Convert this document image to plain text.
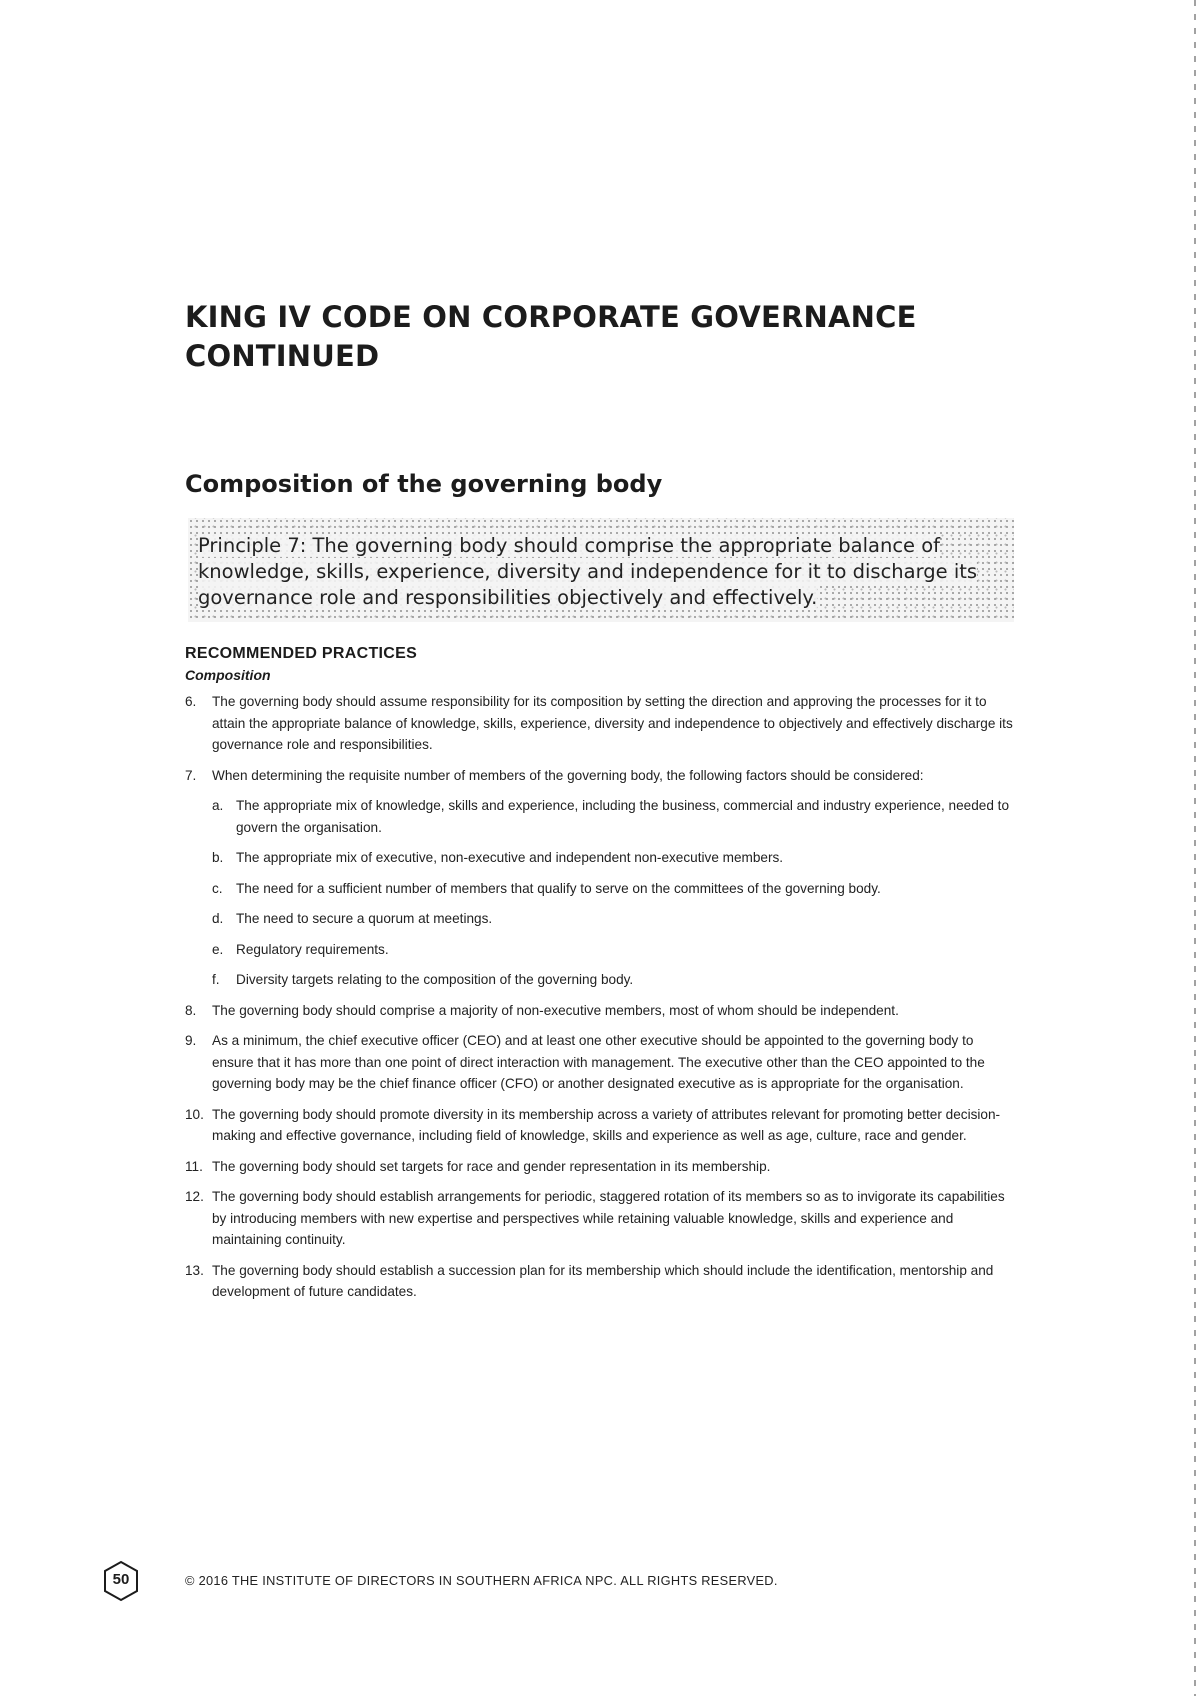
KING IV CODE ON CORPORATE GOVERNANCE
CONTINUED
Composition of the governing body
Principle 7: The governing body should comprise the appropriate balance of knowledge, skills, experience, diversity and independence for it to discharge its governance role and responsibilities objectively and effectively.
RECOMMENDED PRACTICES
Composition
6.	The governing body should assume responsibility for its composition by setting the direction and approving the processes for it to attain the appropriate balance of knowledge, skills, experience, diversity and independence to objectively and effectively discharge its governance role and responsibilities.
7.	When determining the requisite number of members of the governing body, the following factors should be considered:
a. The appropriate mix of knowledge, skills and experience, including the business, commercial and industry experience, needed to govern the organisation.
b. The appropriate mix of executive, non-executive and independent non-executive members.
c. The need for a sufficient number of members that qualify to serve on the committees of the governing body.
d. The need to secure a quorum at meetings.
e. Regulatory requirements.
f.	Diversity targets relating to the composition of the governing body.
8.	The governing body should comprise a majority of non-executive members, most of whom should be independent.
9.	As a minimum, the chief executive officer (CEO) and at least one other executive should be appointed to the governing body to ensure that it has more than one point of direct interaction with management. The executive other than the CEO appointed to the governing body may be the chief finance officer (CFO) or another designated executive as is appropriate for the organisation.
10. The governing body should promote diversity in its membership across a variety of attributes relevant for promoting better decision-making and effective governance, including field of knowledge, skills and experience as well as age, culture, race and gender.
11. The governing body should set targets for race and gender representation in its membership.
12. The governing body should establish arrangements for periodic, staggered rotation of its members so as to invigorate its capabilities by introducing members with new expertise and perspectives while retaining valuable knowledge, skills and experience and maintaining continuity.
13. The governing body should establish a succession plan for its membership which should include the identification, mentorship and development of future candidates.
50	© 2016 THE INSTITUTE OF DIRECTORS IN SOUTHERN AFRICA NPC. ALL RIGHTS RESERVED.
